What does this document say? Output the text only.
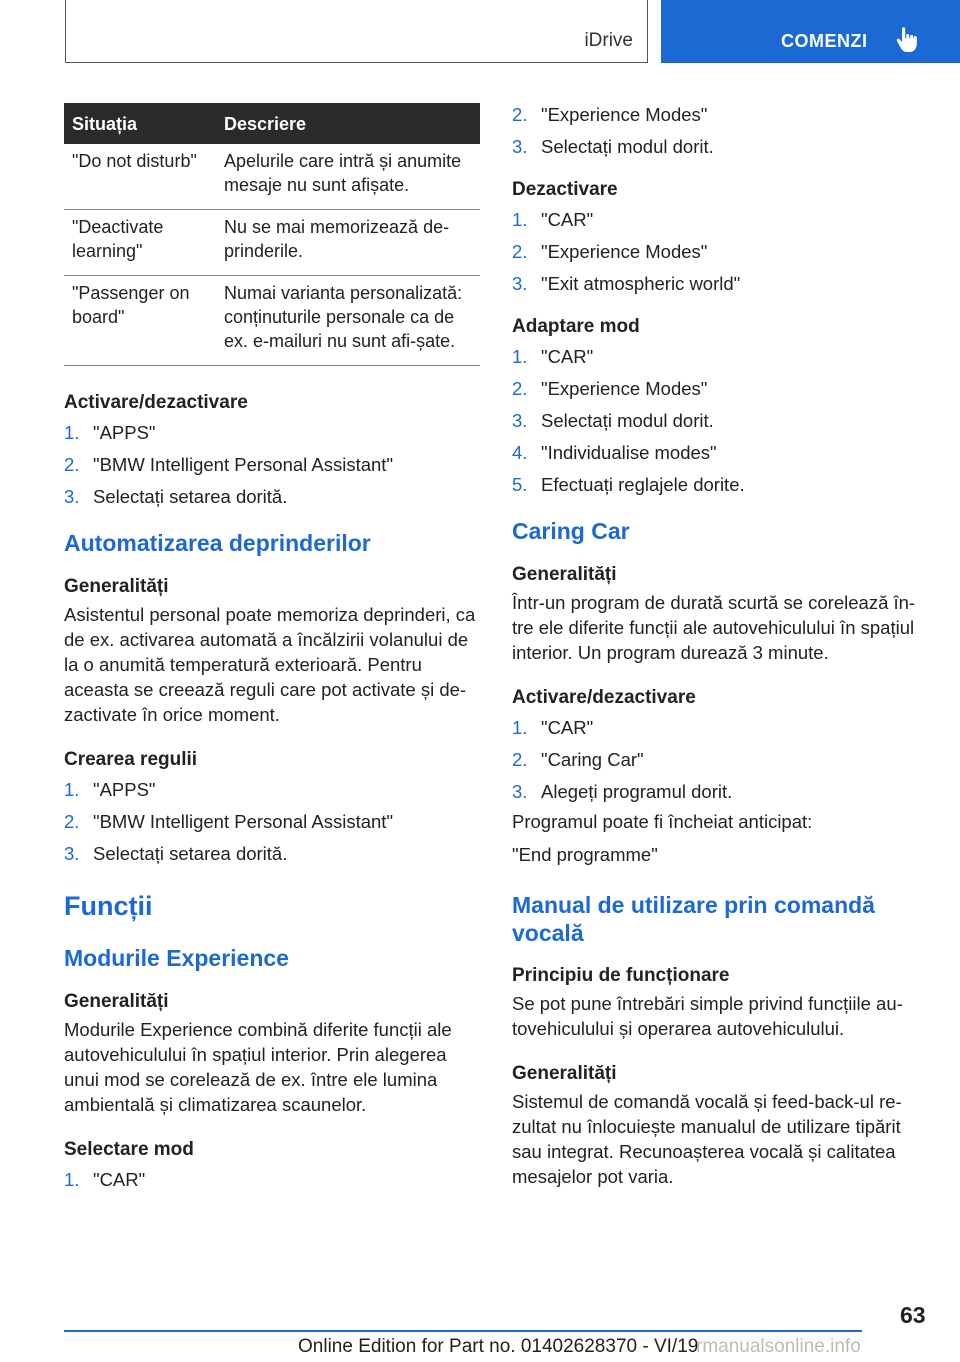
iDrive	COMENZI
Situația	Descriere
"Do not disturb"	Apelurile care intră și anumite mesaje nu sunt afișate.
"Deactivate learning"	Nu se mai memorizează de-prinderile.
"Passenger on board"	Numai varianta personalizată: conținuturile personale ca de ex. e-mailuri nu sunt afi-șate.

Activare/dezactivare

1. "APPS"
2. "BMW Intelligent Personal Assistant"
3. Selectați setarea dorită.

Automatizarea deprinderilor

Generalități

Asistentul personal poate memoriza deprinderi, ca de ex. activarea automată a încălzirii volanului de la o anumită temperatură exterioară. Pentru aceasta se creează reguli care pot activate și de-zactivate în orice moment.

Crearea regulii

1. "APPS"
2. "BMW Intelligent Personal Assistant"
3. Selectați setarea dorită.

Funcții

Modurile Experience

Generalități

Modurile Experience combină diferite funcții ale autovehiculului în spațiul interior. Prin alegerea unui mod se corelează de ex. între ele lumina ambientală și climatizarea scaunelor.

Selectare mod

1. "CAR"
2. "Experience Modes"
3. Selectați modul dorit.

Dezactivare

1. "CAR"
2. "Experience Modes"
3. "Exit atmospheric world"

Adaptare mod

1. "CAR"
2. "Experience Modes"
3. Selectați modul dorit.
4. "Individualise modes"
5. Efectuați reglajele dorite.

Caring Car

Generalități

Într-un program de durată scurtă se corelează în-tre ele diferite funcții ale autovehiculului în spațiul interior. Un program durează 3 minute.

Activare/dezactivare

1. "CAR"
2. "Caring Car"
3. Alegeți programul dorit.

Programul poate fi încheiat anticipat:

"End programme"

Manual de utilizare prin comandă vocală

Principiu de funcționare

Se pot pune întrebări simple privind funcțiile au-tovehiculului și operarea autovehiculului.

Generalități

Sistemul de comandă vocală și feed-back-ul re-zultat nu înlocuiește manualul de utilizare tipărit sau integrat. Recunoașterea vocală și calitatea mesajelor pot varia.

63
Online Edition for Part no. 01402628370 - VI/19
rmanualsonline.info
